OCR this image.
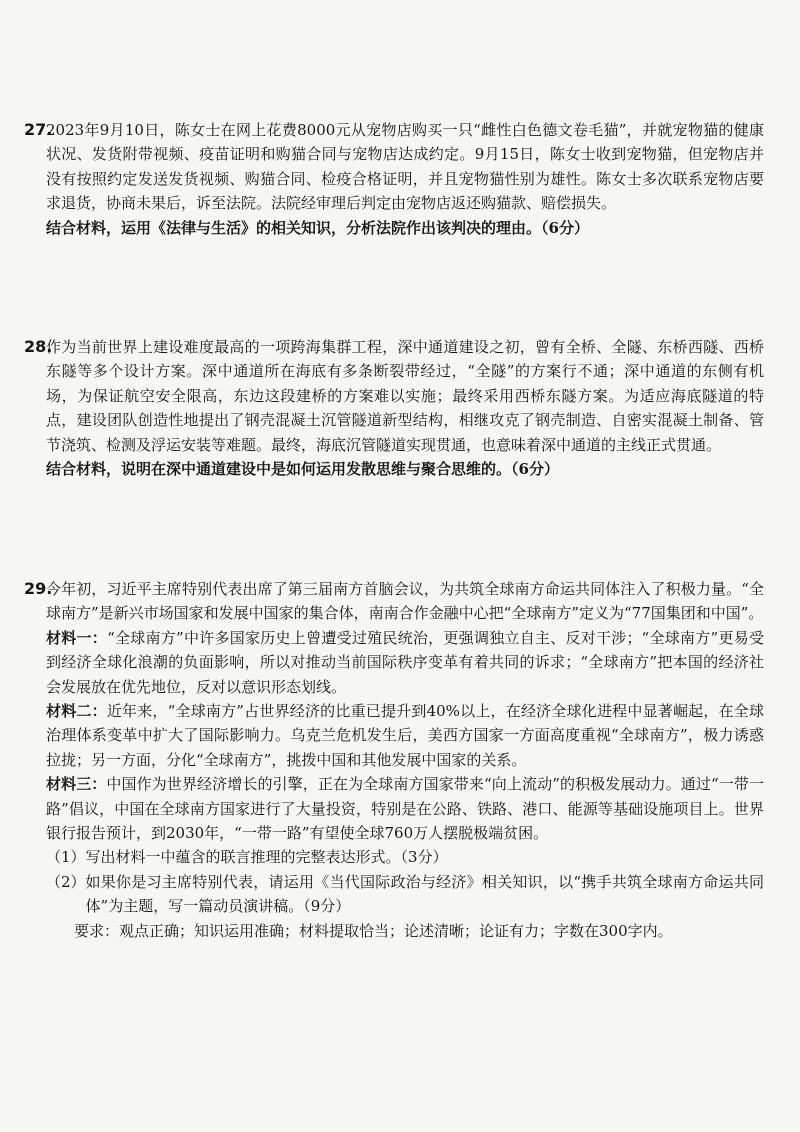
27.

2023年9月10日，陈女士在网上花费8000元从宠物店购买一只“雌性白色德文卷毛猫”，并就宠物猫的健康状况、发货附带视频、疫苗证明和购猫合同与宠物店达成约定。9月15日，陈女士收到宠物猫，但宠物店并没有按照约定发送发货视频、购猫合同、检疫合格证明，并且宠物猫性别为雄性。陈女士多次联系宠物店要求退货，协商未果后，诉至法院。法院经审理后判定由宠物店返还购猫款、赔偿损失。

结合材料，运用《法律与生活》的相关知识，分析法院作出该判决的理由。（6分）

28.

作为当前世界上建设难度最高的一项跨海集群工程，深中通道建设之初，曾有全桥、全隧、东桥西隧、西桥东隧等多个设计方案。深中通道所在海底有多条断裂带经过，“全隧”的方案行不通；深中通道的东侧有机场，为保证航空安全限高，东边这段建桥的方案难以实施；最终采用西桥东隧方案。为适应海底隧道的特点，建设团队创造性地提出了钢壳混凝土沉管隧道新型结构，相继攻克了钢壳制造、自密实混凝土制备、管节浇筑、检测及浮运安装等难题。最终，海底沉管隧道实现贯通，也意味着深中通道的主线正式贯通。

结合材料，说明在深中通道建设中是如何运用发散思维与聚合思维的。（6分）

29.

今年初，习近平主席特别代表出席了第三届南方首脑会议，为共筑全球南方命运共同体注入了积极力量。“全球南方”是新兴市场国家和发展中国家的集合体，南南合作金融中心把“全球南方”定义为“77国集团和中国”。

材料一：“全球南方”中许多国家历史上曾遭受过殖民统治，更强调独立自主、反对干涉；“全球南方”更易受到经济全球化浪潮的负面影响，所以对推动当前国际秩序变革有着共同的诉求；“全球南方”把本国的经济社会发展放在优先地位，反对以意识形态划线。

材料二：近年来，“全球南方”占世界经济的比重已提升到40%以上，在经济全球化进程中显著崛起，在全球治理体系变革中扩大了国际影响力。乌克兰危机发生后，美西方国家一方面高度重视“全球南方”，极力诱惑拉拢；另一方面，分化“全球南方”，挑拨中国和其他发展中国家的关系。

材料三：中国作为世界经济增长的引擎，正在为全球南方国家带来“向上流动”的积极发展动力。通过“一带一路”倡议，中国在全球南方国家进行了大量投资，特别是在公路、铁路、港口、能源等基础设施项目上。世界银行报告预计，到2030年，“一带一路”有望使全球760万人摆脱极端贫困。

（1） 写出材料一中蕴含的联言推理的完整表达形式。（3分）
（2） 如果你是习主席特别代表，请运用《当代国际政治与经济》相关知识，以“携手共筑全球南方命运共同体”为主题，写一篇动员演讲稿。（9分）

要求：观点正确；知识运用准确；材料提取恰当；论述清晰；论证有力；字数在300字内。
